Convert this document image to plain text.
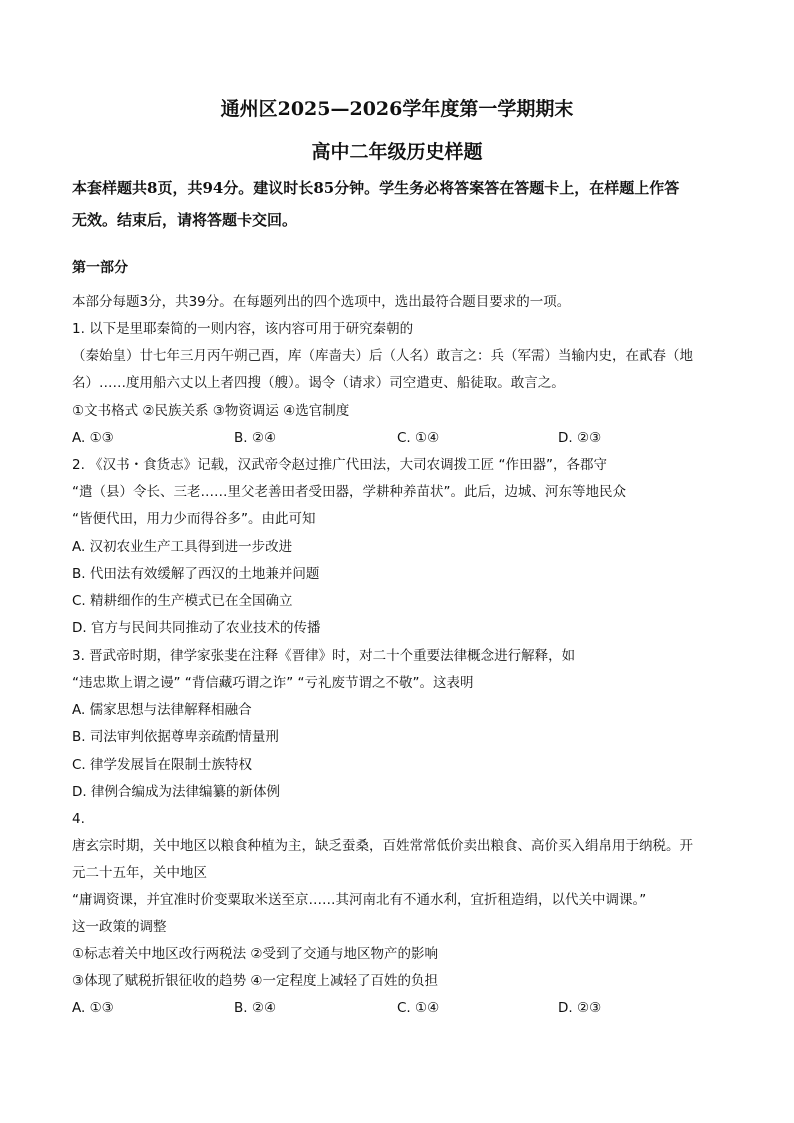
通州区2025—2026学年度第一学期期末
高中二年级历史样题

本套样题共8页，共94分。建议时长85分钟。学生务必将答案答在答题卡上，在样题上作答

无效。结束后，请将答题卡交回。

第一部分
本部分每题3分，共39分。在每题列出的四个选项中，选出最符合题目要求的一项。
1. 以下是里耶秦简的一则内容，该内容可用于研究秦朝的
（秦始皇）廿七年三月丙午朔己酉，库（库啬夫）后（人名）敢言之：兵（军需）当输内史，在貳春（地
名）……度用船六丈以上者四搜（艘）。谒令（请求）司空遣吏、船徒取。敢言之。
①文书格式 ②民族关系 ③物资调运 ④选官制度
A. ①③	B. ②④	C. ①④	D. ②③
2. 《汉书・食货志》记载，汉武帝令赵过推广代田法，大司农调拨工匠 “作田器”，各郡守
“遣（县）令长、三老……里父老善田者受田器，学耕种养苗状”。此后，边城、河东等地民众
“皆便代田，用力少而得谷多”。由此可知
A. 汉初农业生产工具得到进一步改进
B. 代田法有效缓解了西汉的土地兼并问题
C. 精耕细作的生产模式已在全国确立
D. 官方与民间共同推动了农业技术的传播
3. 晋武帝时期，律学家张斐在注释《晋律》时，对二十个重要法律概念进行解释，如
“违忠欺上谓之谩” “背信藏巧谓之诈” “亏礼废节谓之不敬”。这表明
A. 儒家思想与法律解释相融合
B. 司法审判依据尊卑亲疏酌情量刑
C. 律学发展旨在限制士族特权
D. 律例合编成为法律编纂的新体例
4.
唐玄宗时期，关中地区以粮食种植为主，缺乏蚕桑，百姓常常低价卖出粮食、高价买入绢帛用于纳税。开
元二十五年，关中地区
“庸调资课，并宜准时价变粟取米送至京……其河南北有不通水利，宜折租造绢，以代关中调课。”
这一政策的调整
①标志着关中地区改行两税法 ②受到了交通与地区物产的影响
③体现了赋税折银征收的趋势 ④一定程度上减轻了百姓的负担
A. ①③	B. ②④	C. ①④	D. ②③
